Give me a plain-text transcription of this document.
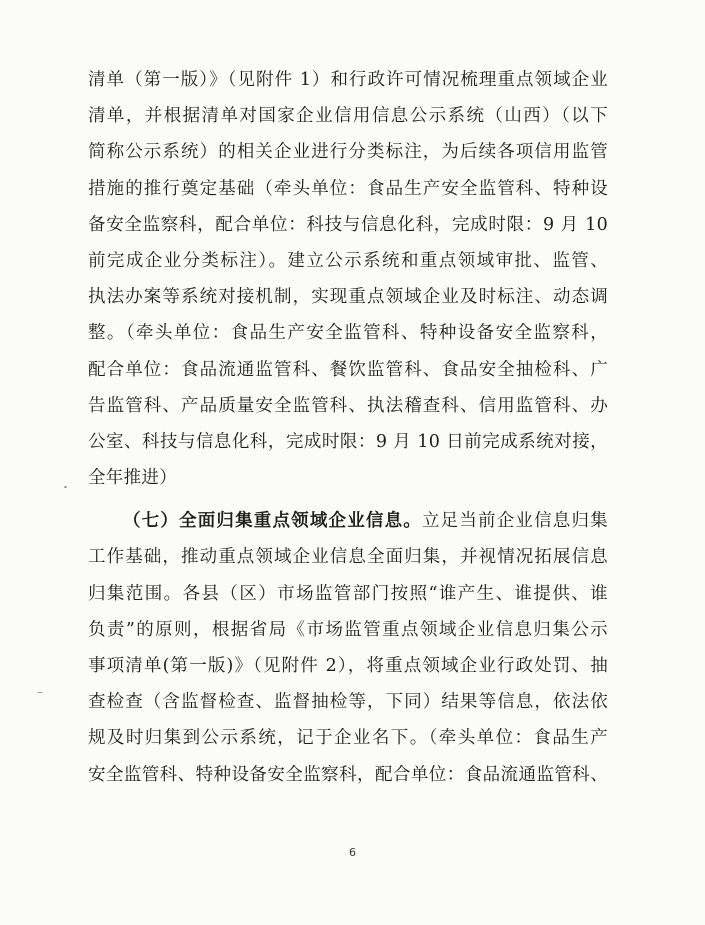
清单（第一版）》（见附件 1）和行政许可情况梳理重点领域企业
清单，并根据清单对国家企业信用信息公示系统（山西）（以下
简称公示系统）的相关企业进行分类标注，为后续各项信用监管
措施的推行奠定基础（牵头单位：食品生产安全监管科、特种设
备安全监察科，配合单位：科技与信息化科，完成时限：9 月 10
前完成企业分类标注）。建立公示系统和重点领域审批、监管、
执法办案等系统对接机制，实现重点领域企业及时标注、动态调
整。（牵头单位：食品生产安全监管科、特种设备安全监察科，
配合单位：食品流通监管科、餐饮监管科、食品安全抽检科、广
告监管科、产品质量安全监管科、执法稽查科、信用监管科、办
公室、科技与信息化科，完成时限：9 月 10 日前完成系统对接，
全年推进）
（七）全面归集重点领域企业信息。立足当前企业信息归集
工作基础，推动重点领域企业信息全面归集，并视情况拓展信息
归集范围。各县（区）市场监管部门按照“谁产生、谁提供、谁
负责”的原则，根据省局《市场监管重点领域企业信息归集公示
事项清单(第一版)》（见附件 2），将重点领域企业行政处罚、抽
查检查（含监督检查、监督抽检等，下同）结果等信息，依法依
规及时归集到公示系统，记于企业名下。（牵头单位：食品生产
安全监管科、特种设备安全监察科，配合单位：食品流通监管科、
6
